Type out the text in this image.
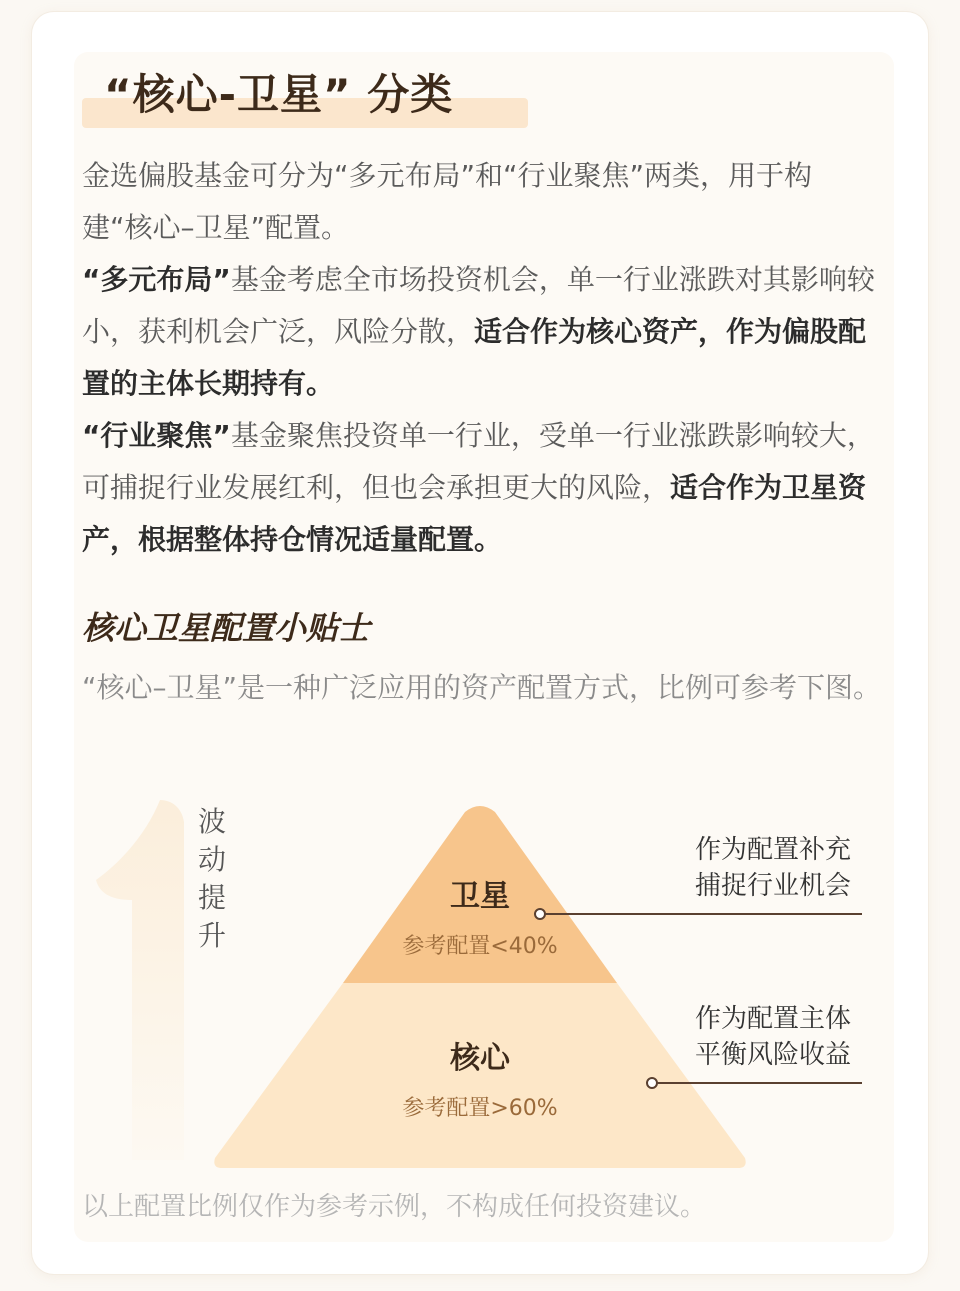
“核心-卫星” 分类

金选偏股基金可分为“多元布局”和“行业聚焦”两类，用于构建“核心–卫星”配置。

“多元布局”基金考虑全市场投资机会，单一行业涨跌对其影响较小，获利机会广泛，风险分散，适合作为核心资产，作为偏股配置的主体长期持有。

“行业聚焦”基金聚焦投资单一行业，受单一行业涨跌影响较大，可捕捉行业发展红利，但也会承担更大的风险，适合作为卫星资产，根据整体持仓情况适量配置。

核心卫星配置小贴士
“核心–卫星”是一种广泛应用的资产配置方式，比例可参考下图。
波
动
提
升
卫星
参考配置<40%
核心
参考配置>60%
作为配置补充
捕捉行业机会
作为配置主体
平衡风险收益
以上配置比例仅作为参考示例，不构成任何投资建议。
